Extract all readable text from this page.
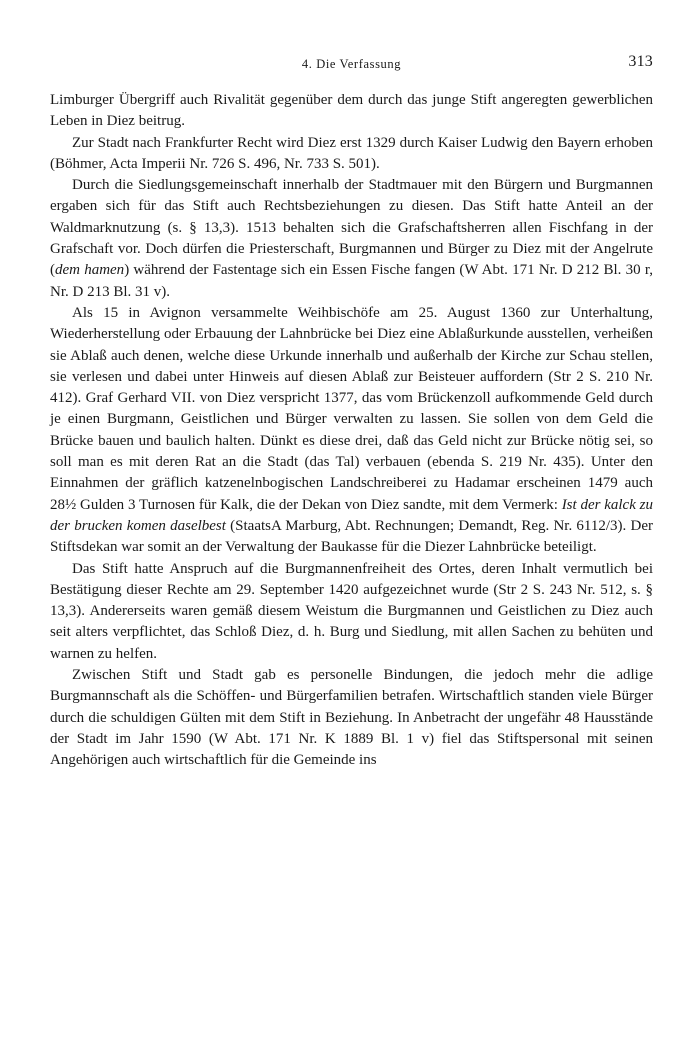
4. Die Verfassung	313

Limburger Übergriff auch Rivalität gegenüber dem durch das junge Stift angeregten gewerblichen Leben in Diez beitrug.

Zur Stadt nach Frankfurter Recht wird Diez erst 1329 durch Kaiser Ludwig den Bayern erhoben (Böhmer, Acta Imperii Nr. 726 S. 496, Nr. 733 S. 501).

Durch die Siedlungsgemeinschaft innerhalb der Stadtmauer mit den Bürgern und Burgmannen ergaben sich für das Stift auch Rechtsbeziehungen zu diesen. Das Stift hatte Anteil an der Waldmarknutzung (s. § 13,3). 1513 behalten sich die Grafschaftsherren allen Fischfang in der Grafschaft vor. Doch dürfen die Priesterschaft, Burgmannen und Bürger zu Diez mit der Angelrute (dem hamen) während der Fastentage sich ein Essen Fische fangen (W Abt. 171 Nr. D 212 Bl. 30 r, Nr. D 213 Bl. 31 v).

Als 15 in Avignon versammelte Weihbischöfe am 25. August 1360 zur Unterhaltung, Wiederherstellung oder Erbauung der Lahnbrücke bei Diez eine Ablaßurkunde ausstellen, verheißen sie Ablaß auch denen, welche diese Urkunde innerhalb und außerhalb der Kirche zur Schau stellen, sie verlesen und dabei unter Hinweis auf diesen Ablaß zur Beisteuer auffordern (Str 2 S. 210 Nr. 412). Graf Gerhard VII. von Diez verspricht 1377, das vom Brückenzoll aufkommende Geld durch je einen Burgmann, Geistlichen und Bürger verwalten zu lassen. Sie sollen von dem Geld die Brücke bauen und baulich halten. Dünkt es diese drei, daß das Geld nicht zur Brücke nötig sei, so soll man es mit deren Rat an die Stadt (das Tal) verbauen (ebenda S. 219 Nr. 435). Unter den Einnahmen der gräflich katzenelnbogischen Landschreiberei zu Hadamar erscheinen 1479 auch 28½ Gulden 3 Turnosen für Kalk, die der Dekan von Diez sandte, mit dem Vermerk: Ist der kalck zu der brucken komen daselbest (StaatsA Marburg, Abt. Rechnungen; Demandt, Reg. Nr. 6112/3). Der Stiftsdekan war somit an der Verwaltung der Baukasse für die Diezer Lahnbrücke beteiligt.

Das Stift hatte Anspruch auf die Burgmannenfreiheit des Ortes, deren Inhalt vermutlich bei Bestätigung dieser Rechte am 29. September 1420 aufgezeichnet wurde (Str 2 S. 243 Nr. 512, s. § 13,3). Andererseits waren gemäß diesem Weistum die Burgmannen und Geistlichen zu Diez auch seit alters verpflichtet, das Schloß Diez, d. h. Burg und Siedlung, mit allen Sachen zu behüten und warnen zu helfen.

Zwischen Stift und Stadt gab es personelle Bindungen, die jedoch mehr die adlige Burgmannschaft als die Schöffen- und Bürgerfamilien betrafen. Wirtschaftlich standen viele Bürger durch die schuldigen Gülten mit dem Stift in Beziehung. In Anbetracht der ungefähr 48 Hausstände der Stadt im Jahr 1590 (W Abt. 171 Nr. K 1889 Bl. 1 v) fiel das Stiftspersonal mit seinen Angehörigen auch wirtschaftlich für die Gemeinde ins
